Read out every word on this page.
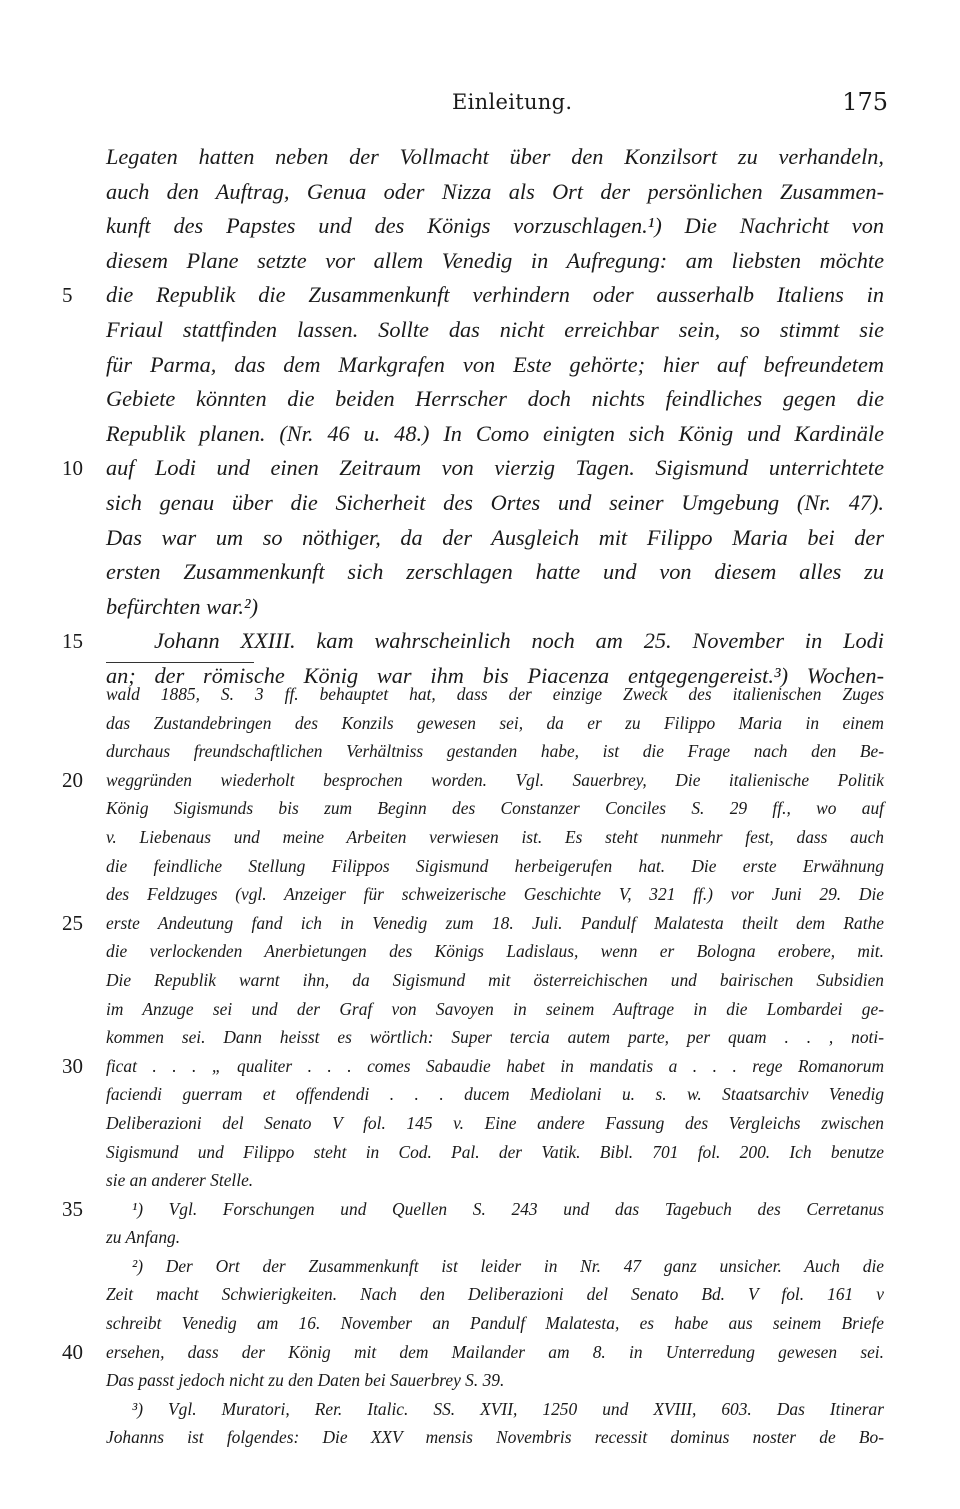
Einleitung.	175
Legaten hatten neben der Vollmacht über den Konzilsort zu verhandeln,
auch den Auftrag, Genua oder Nizza als Ort der persönlichen Zusammen-
kunft des Papstes und des Königs vorzuschlagen.¹) Die Nachricht von
diesem Plane setzte vor allem Venedig in Aufregung: am liebsten möchte
5 die Republik die Zusammenkunft verhindern oder ausserhalb Italiens in
Friaul stattfinden lassen. Sollte das nicht erreichbar sein, so stimmt sie
für Parma, das dem Markgrafen von Este gehörte; hier auf befreundetem
Gebiete könnten die beiden Herrscher doch nichts feindliches gegen die
Republik planen. (Nr. 46 u. 48.) In Como einigten sich König und Kardinäle
10 auf Lodi und einen Zeitraum von vierzig Tagen. Sigismund unterrichtete
sich genau über die Sicherheit des Ortes und seiner Umgebung (Nr. 47).
Das war um so nöthiger, da der Ausgleich mit Filippo Maria bei der
ersten Zusammenkunft sich zerschlagen hatte und von diesem alles zu
befürchten war.²)
15	Johann XXIII. kam wahrscheinlich noch am 25. November in Lodi
an; der römische König war ihm bis Piacenza entgegengereist.³) Wochen-
wald 1885, S. 3 ff. behauptet hat, dass der einzige Zweck des italienischen Zuges
das Zustandebringen des Konzils gewesen sei, da er zu Filippo Maria in einem
durchaus freundschaftlichen Verhältniss gestanden habe, ist die Frage nach den Be-
20 weggründen wiederholt besprochen worden. Vgl. Sauerbrey, Die italienische Politik
König Sigismunds bis zum Beginn des Constanzer Conciles S. 29 ff., wo auf
v. Liebenaus und meine Arbeiten verwiesen ist. Es steht nunmehr fest, dass auch
die feindliche Stellung Filippos Sigismund herbeigerufen hat. Die erste Erwähnung
des Feldzuges (vgl. Anzeiger für schweizerische Geschichte V, 321 ff.) vor Juni 29. Die
25 erste Andeutung fand ich in Venedig zum 18. Juli. Pandulf Malatesta theilt dem Rathe
die verlockenden Anerbietungen des Königs Ladislaus, wenn er Bologna erobere, mit.
Die Republik warnt ihn, da Sigismund mit österreichischen und bairischen Subsidien
im Anzuge sei und der Graf von Savoyen in seinem Auftrage in die Lombardei ge-
kommen sei. Dann heisst es wörtlich: Super tercia autem parte, per quam . . , noti-
30 ficat . . . „ qualiter . . . comes Sabaudie habet in mandatis a . . . rege Romanorum
faciendi guerram et offendendi . . . ducem Mediolani u. s. w. Staatsarchiv Venedig
Deliberazioni del Senato V fol. 145 v. Eine andere Fassung des Vergleichs zwischen
Sigismund und Filippo steht in Cod. Pal. der Vatik. Bibl. 701 fol. 200. Ich benutze
sie an anderer Stelle.
35	¹) Vgl. Forschungen und Quellen S. 243 und das Tagebuch des Cerretanus
zu Anfang.
²) Der Ort der Zusammenkunft ist leider in Nr. 47 ganz unsicher. Auch die
Zeit macht Schwierigkeiten. Nach den Deliberazioni del Senato Bd. V fol. 161 v
schreibt Venedig am 16. November an Pandulf Malatesta, es habe aus seinem Briefe
40 ersehen, dass der König mit dem Mailander am 8. in Unterredung gewesen sei.
Das passt jedoch nicht zu den Daten bei Sauerbrey S. 39.
³) Vgl. Muratori, Rer. Italic. SS. XVII, 1250 und XVIII, 603. Das Itinerar
Johanns ist folgendes: Die XXV mensis Novembris recessit dominus noster de Bo-
